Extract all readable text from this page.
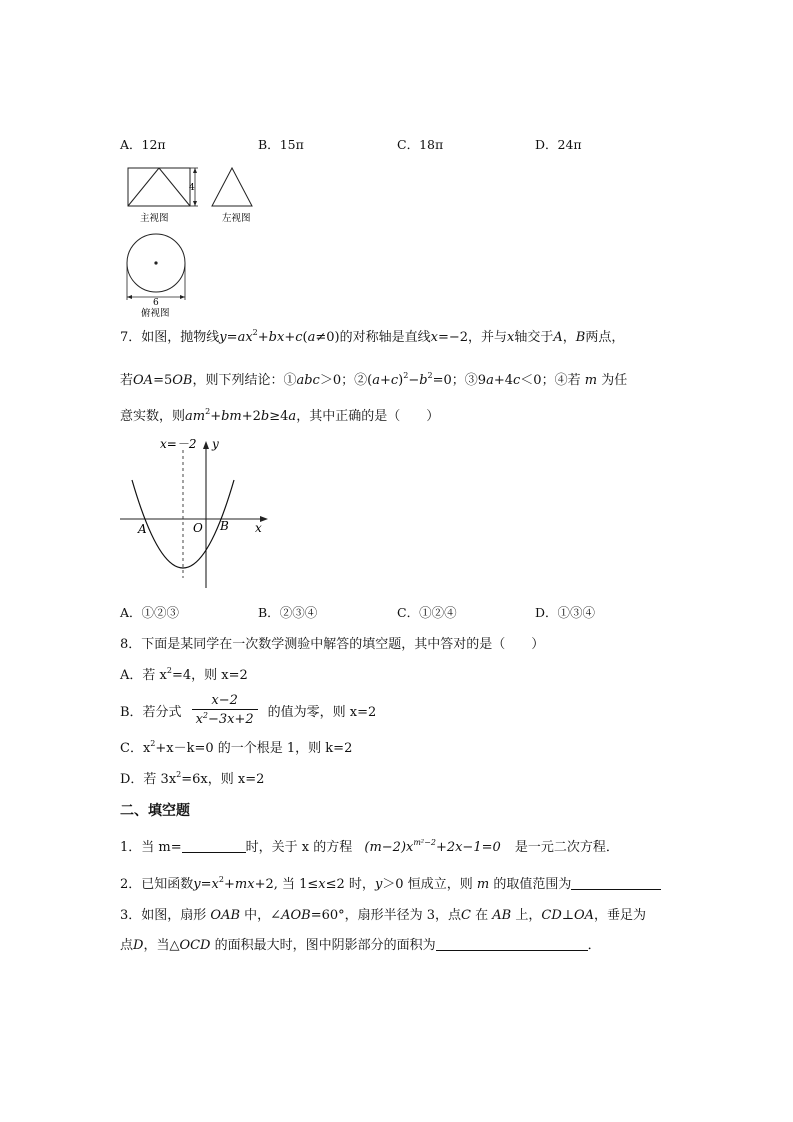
A．12π	B．15π	C．18π	D．24π
4
主视图	左视图
6
俯视图
7．如图，抛物线$y=ax^2+bx+c(a\ne 0)$的对称轴是直线x=−2，并与x轴交于A，B两点，
若OA=5OB，则下列结论：①abc＞0；$②(a+c)^2-b^2=0$；③9a+4c＜0；④若 m 为任
意实数，则$am^2+bm+2b\ge 4a$，其中正确的是（　　）
x=－2 y
x
O
A	B
A．①②③	B．②③④	C．①②④	D．①③④
8．下面是某同学在一次数学测验中解答的填空题，其中答对的是（　　）
A．若 $x^2=4$，则 x=2
B．若分式 $\frac{x-2}{x^2-3x+2}$ 的值为零，则 x=2
C．$x^2+x-k=0$ 的一个根是 1，则 k=2
D．若 $3x^2=6x$，则 x=2
二、填空题
1．当 m=	时，关于 x 的方程 $(m-2)x^{m^2-2}+2x-1=0$ 是一元二次方程．
2．已知函数$y=x^2+mx+2$, 当 1≤x≤2 时，y＞0 恒成立，则 m 的取值范围为
3．如图，扇形 OAB 中，∠AOB=60°，扇形半径为 3，点C 在 AB 上，CD⊥OA，垂足为
点D，当△OCD 的面积最大时，图中阴影部分的面积为	．
